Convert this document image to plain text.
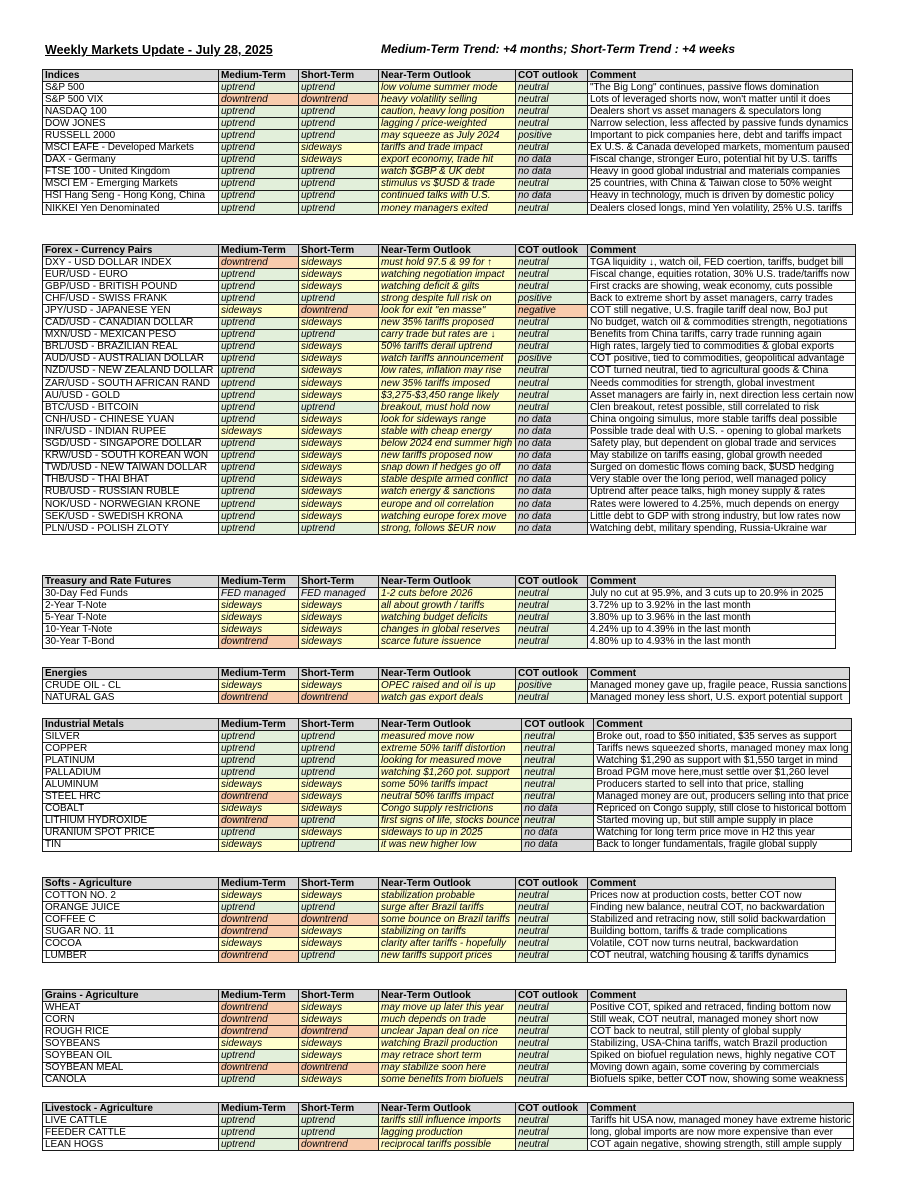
Weekly Markets Update - July 28, 2025	Medium-Term Trend: +4 months; Short-Term Trend : +4 weeks
Indices	Medium-Term	Short-Term	Near-Term Outlook	COT outlook	Comment
S&P 500	uptrend	uptrend	low volume summer mode	neutral	"The Big Long" continues, passive flows domination
S&P 500 VIX	downtrend	downtrend	heavy volatility selling	neutral	Lots of leveraged shorts now, won't matter until it does
NASDAQ 100	uptrend	uptrend	caution, heavy long position	neutral	Dealers short vs asset managers & speculators long
DOW JONES	uptrend	uptrend	lagging / price-weighted	neutral	Narrow selection, less affected by passive funds dynamics
RUSSELL 2000	uptrend	uptrend	may squeeze as July 2024	positive	Important to pick companies here, debt and tariffs impact
MSCI EAFE - Developed Markets	uptrend	sideways	tariffs and trade impact	neutral	Ex U.S. & Canada developed markets, momentum paused
DAX - Germany	uptrend	sideways	export economy, trade hit	no data	Fiscal change, stronger Euro, potential hit by U.S. tariffs
FTSE 100 - United Kingdom	uptrend	uptrend	watch $GBP & UK debt	no data	Heavy in good global industrial and materials companies
MSCI EM - Emerging Markets	uptrend	uptrend	stimulus vs $USD & trade	neutral	25 countries, with China & Taiwan close to 50% weight
HSI Hang Seng - Hong Kong, China	uptrend	uptrend	continued talks with U.S.	no data	Heavy in technology, much is driven by domestic policy
NIKKEI Yen Denominated	uptrend	uptrend	money managers exited	neutral	Dealers closed longs, mind Yen volatility, 25% U.S. tariffs
Forex - Currency Pairs	Medium-Term	Short-Term	Near-Term Outlook	COT outlook	Comment
DXY - USD DOLLAR INDEX	downtrend	sideways	must hold 97.5 & 99 for ↑	neutral	TGA liquidity ↓, watch oil, FED coertion, tariffs, budget bill
EUR/USD - EURO	uptrend	sideways	watching negotiation impact	neutral	Fiscal change, equities rotation, 30% U.S. trade/tariffs now
GBP/USD - BRITISH POUND	uptrend	sideways	watching deficit & gilts	neutral	First cracks are showing, weak economy, cuts possible
CHF/USD - SWISS FRANK	uptrend	uptrend	strong despite full risk on	positive	Back to extreme short by asset managers, carry trades
JPY/USD - JAPANESE YEN	sideways	downtrend	look for exit "en masse"	negative	COT still negative, U.S. fragile tariff deal now, BoJ put
CAD/USD - CANADIAN DOLLAR	uptrend	sideways	new 35% tariffs proposed	neutral	No budget, watch oil & commodities strength, negotiations
MXN/USD - MEXICAN PESO	uptrend	uptrend	carry trade but rates are ↓	neutral	Benefits from China tariffs, carry trade running again
BRL/USD - BRAZILIAN REAL	uptrend	sideways	50% tariffs derail uptrend	neutral	High rates, largely tied to commodities & global exports
AUD/USD - AUSTRALIAN DOLLAR	uptrend	sideways	watch tariffs announcement	positive	COT positive, tied to commodities, geopolitical advantage
NZD/USD - NEW ZEALAND DOLLAR	uptrend	sideways	low rates, inflation may rise	neutral	COT turned neutral, tied to agricultural goods & China
ZAR/USD - SOUTH AFRICAN RAND	uptrend	sideways	new 35% tariffs imposed	neutral	Needs commodities for strength, global investment
AU/USD - GOLD	uptrend	sideways	$3,275-$3,450 range likely	neutral	Asset managers are fairly in, next direction less certain now
BTC/USD - BITCOIN	uptrend	uptrend	breakout, must hold now	neutral	Clen breakout, retest possible, still correlated to risk
CNH/USD - CHINESE YUAN	uptrend	sideways	look for sideways range	no data	China ongoing simulus, more stable tariffs deal possible
INR/USD - INDIAN RUPEE	sideways	sideways	stable with cheap energy	no data	Possible trade deal with U.S. - opening to global markets
SGD/USD - SINGAPORE DOLLAR	uptrend	sideways	below 2024 end summer high	no data	Safety play, but dependent on global trade and services
KRW/USD - SOUTH KOREAN WON	uptrend	sideways	new tariffs proposed now	no data	May stabilize on tariffs easing, global growth needed
TWD/USD - NEW TAIWAN DOLLAR	uptrend	sideways	snap down if hedges go off	no data	Surged on domestic flows coming back, $USD hedging
THB/USD - THAI BHAT	uptrend	sideways	stable despite armed conflict	no data	Very stable over the long period, well managed policy
RUB/USD - RUSSIAN RUBLE	uptrend	sideways	watch energy & sanctions	no data	Uptrend after peace talks, high money supply & rates
NOK/USD - NORWEGIAN KRONE	uptrend	sideways	europe and oil correlation	no data	Rates were lowered to 4.25%, much depends on energy
SEK/USD - SWEDISH KRONA	uptrend	sideways	watching europe forex move	no data	Little debt to GDP with strong industry, but low rates now
PLN/USD - POLISH ZLOTY	uptrend	uptrend	strong, follows $EUR now	no data	Watching debt, military spending, Russia-Ukraine war
Treasury and Rate Futures	Medium-Term	Short-Term	Near-Term Outlook	COT outlook	Comment
30-Day Fed Funds	FED managed	FED managed	1-2 cuts before 2026	neutral	July no cut at 95.9%, and 3 cuts up to 20.9% in 2025
2-Year T-Note	sideways	sideways	all about growth / tariffs	neutral	3.72% up to 3.92% in the last month
5-Year T-Note	sideways	sideways	watching budget deficits	neutral	3.80% up to 3.96% in the last month
10-Year T-Note	sideways	sideways	changes in global reserves	neutral	4.24% up to 4.39% in the last month
30-Year T-Bond	downtrend	sideways	scarce future issuence	neutral	4.80% up to 4.93% in the last month
Energies	Medium-Term	Short-Term	Near-Term Outlook	COT outlook	Comment
CRUDE OIL - CL	sideways	sideways	OPEC raised and oil is up	positive	Managed money gave up, fragile peace, Russia sanctions
NATURAL GAS	downtrend	downtrend	watch gas export deals	neutral	Managed money less short, U.S. export potential support
Industrial Metals	Medium-Term	Short-Term	Near-Term Outlook	COT outlook	Comment
SILVER	uptrend	uptrend	measured move now	neutral	Broke out, road to $50 initiated, $35 serves as support
COPPER	uptrend	uptrend	extreme 50% tariff distortion	neutral	Tariffs news squeezed shorts, managed money max long
PLATINUM	uptrend	uptrend	looking for measured move	neutral	Watching $1,290 as support with $1,550 target in mind
PALLADIUM	uptrend	uptrend	watching $1,260 pot. support	neutral	Broad PGM move here,must settle over $1,260 level
ALUMINUM	sideways	sideways	some 50% tariffs impact	neutral	Producers started to sell into that price, stalling
STEEL HRC	downtrend	sideways	neutral 50% tariffs impact	neutral	Managed money are out, producers selling into that price
COBALT	sideways	sideways	Congo supply restrictions	no data	Repriced on Congo supply, still close to historical bottom
LITHIUM HYDROXIDE	downtrend	uptrend	first signs of life, stocks bounce	neutral	Started moving up, but still ample supply in place
URANIUM SPOT PRICE	uptrend	sideways	sideways to up in 2025	no data	Watching for long term price move in H2 this year
TIN	sideways	uptrend	it was new higher low	no data	Back to longer fundamentals, fragile global supply
Softs - Agriculture	Medium-Term	Short-Term	Near-Term Outlook	COT outlook	Comment
COTTON NO. 2	sideways	sideways	stabilization probable	neutral	Prices now at production costs, better COT now
ORANGE JUICE	uptrend	uptrend	surge after Brazil tariffs	neutral	Finding new balance, neutral COT, no backwardation
COFFEE C	downtrend	downtrend	some bounce on Brazil tariffs	neutral	Stabilized and retracing now, still solid backwardation
SUGAR NO. 11	downtrend	sideways	stabilizing on tariffs	neutral	Building bottom, tariffs & trade complications
COCOA	sideways	sideways	clarity after tariffs - hopefully	neutral	Volatile, COT now turns neutral, backwardation
LUMBER	downtrend	uptrend	new tariffs support prices	neutral	COT neutral, watching housing & tariffs dynamics
Grains - Agriculture	Medium-Term	Short-Term	Near-Term Outlook	COT outlook	Comment
WHEAT	downtrend	sideways	may move up later this year	neutral	Positive COT, spiked and retraced, finding bottom now
CORN	downtrend	sideways	much depends on trade	neutral	Still weak, COT neutral, managed money short now
ROUGH RICE	downtrend	downtrend	unclear Japan deal on rice	neutral	COT back to neutral, still plenty of global supply
SOYBEANS	sideways	sideways	watching Brazil production	neutral	Stabilizing, USA-China tariffs, watch Brazil production
SOYBEAN OIL	uptrend	sideways	may retrace short term	neutral	Spiked on biofuel regulation news, highly negative COT
SOYBEAN MEAL	downtrend	downtrend	may stabilize soon here	neutral	Moving down again, some covering by commercials
CANOLA	uptrend	sideways	some benefits from biofuels	neutral	Biofuels spike, better COT now, showing some weakness
Livestock - Agriculture	Medium-Term	Short-Term	Near-Term Outlook	COT outlook	Comment
LIVE CATTLE	uptrend	uptrend	tariffs still influence imports	neutral	Tariffs hit USA now, managed money have extreme historic
FEEDER CATTLE	uptrend	uptrend	lagging production	neutral	long, global imports are now more expensive than ever
LEAN HOGS	uptrend	downtrend	reciprocal tariffs possible	neutral	COT again negative, showing strength, still ample supply
